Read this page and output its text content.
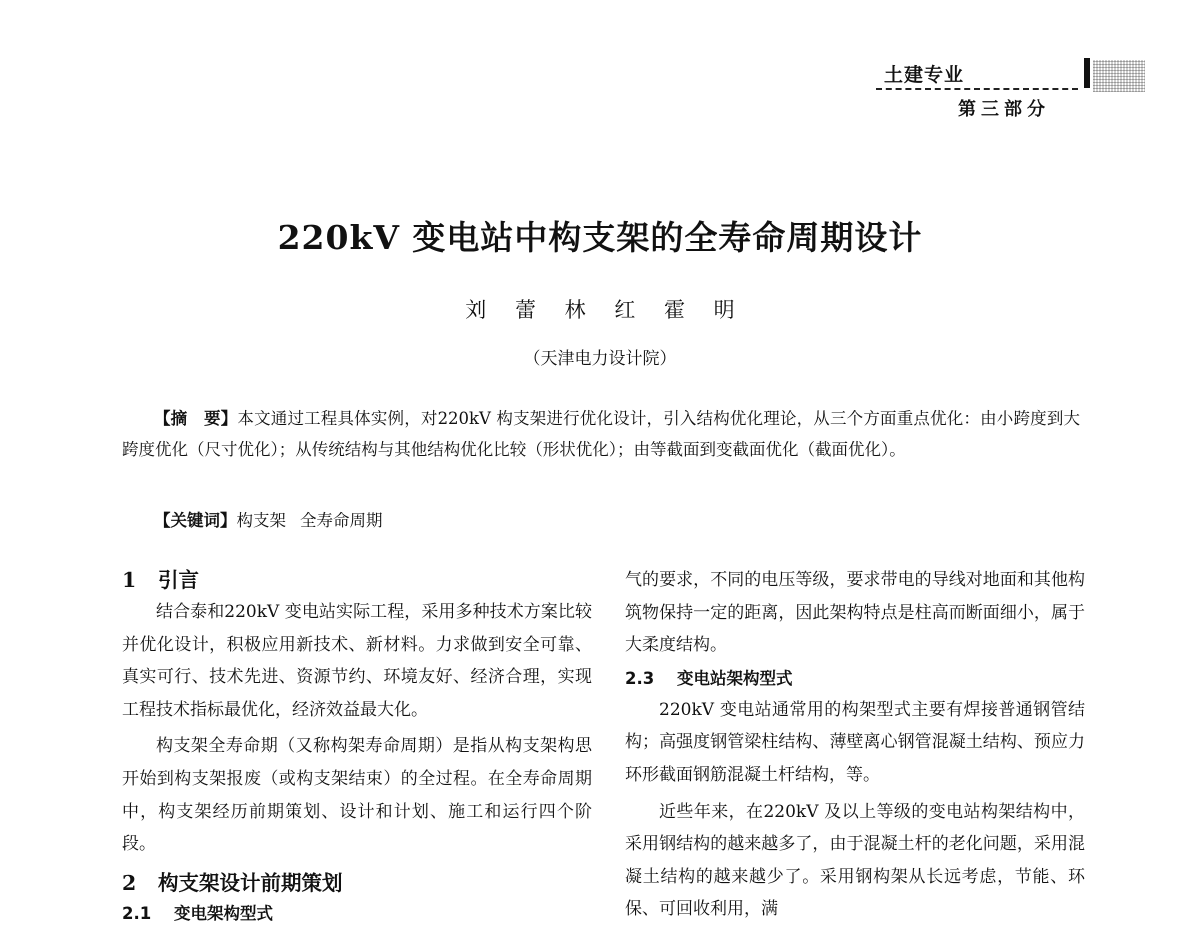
土建专业
第三部分
220kV 变电站中构支架的全寿命周期设计
刘 蕾 林 红 霍 明
（天津电力设计院）
【摘　要】本文通过工程具体实例，对220kV 构支架进行优化设计，引入结构优化理论，从三个方面重点优化：由小跨度到大跨度优化（尺寸优化）；从传统结构与其他结构优化比较（形状优化）；由等截面到变截面优化（截面优化）。
【关键词】构支架 全寿命周期
1 引言

结合泰和220kV 变电站实际工程，采用多种技术方案比较并优化设计，积极应用新技术、新材料。力求做到安全可靠、真实可行、技术先进、资源节约、环境友好、经济合理，实现工程技术指标最优化，经济效益最大化。

构支架全寿命期（又称构架寿命周期）是指从构支架构思开始到构支架报废（或构支架结束）的全过程。在全寿命周期中，构支架经历前期策划、设计和计划、施工和运行四个阶段。

2 构支架设计前期策划
2.1 变电架构型式

气的要求，不同的电压等级，要求带电的导线对地面和其他构筑物保持一定的距离，因此架构特点是柱高而断面细小，属于大柔度结构。

2.3 变电站架构型式

220kV 变电站通常用的构架型式主要有焊接普通钢管结构；高强度钢管梁柱结构、薄壁离心钢管混凝土结构、预应力环形截面钢筋混凝土杆结构，等。

近些年来，在220kV 及以上等级的变电站构架结构中，采用钢结构的越来越多了，由于混凝土杆的老化问题，采用混凝土结构的越来越少了。采用钢构架从长远考虑，节能、环保、可回收利用，满
